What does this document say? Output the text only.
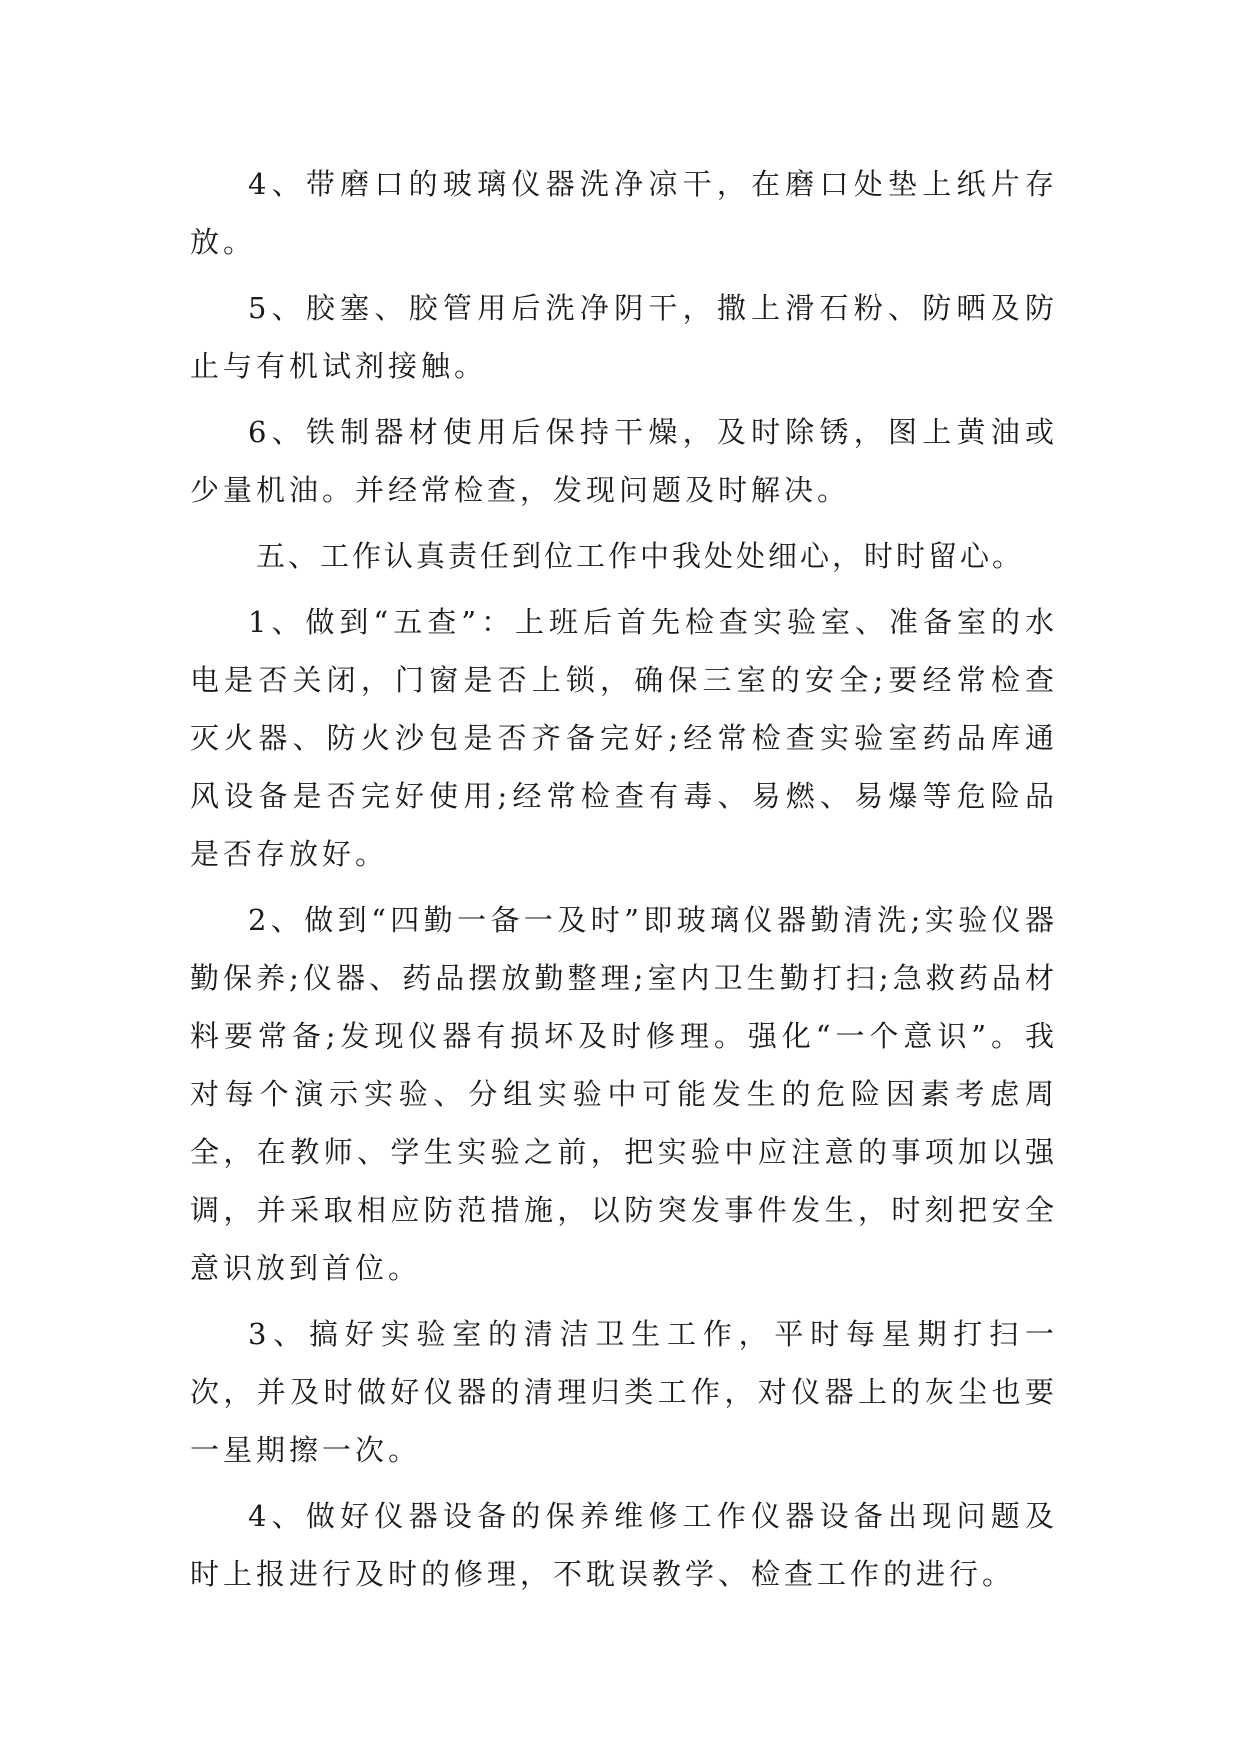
4、带磨口的玻璃仪器洗净凉干，在磨口处垫上纸片存放。

5、胶塞、胶管用后洗净阴干，撒上滑石粉、防晒及防止与有机试剂接触。

6、铁制器材使用后保持干燥，及时除锈，图上黄油或少量机油。并经常检查，发现问题及时解决。

五、工作认真责任到位工作中我处处细心，时时留心。

1、做到“五查”：上班后首先检查实验室、准备室的水电是否关闭，门窗是否上锁，确保三室的安全;要经常检查灭火器、防火沙包是否齐备完好;经常检查实验室药品库通风设备是否完好使用;经常检查有毒、易燃、易爆等危险品是否存放好。

2、做到“四勤一备一及时”即玻璃仪器勤清洗;实验仪器勤保养;仪器、药品摆放勤整理;室内卫生勤打扫;急救药品材料要常备;发现仪器有损坏及时修理。强化“一个意识”。我对每个演示实验、分组实验中可能发生的危险因素考虑周全，在教师、学生实验之前，把实验中应注意的事项加以强调，并采取相应防范措施，以防突发事件发生，时刻把安全意识放到首位。

3、搞好实验室的清洁卫生工作，平时每星期打扫一次，并及时做好仪器的清理归类工作，对仪器上的灰尘也要一星期擦一次。

4、做好仪器设备的保养维修工作仪器设备出现问题及时上报进行及时的修理，不耽误教学、检查工作的进行。
